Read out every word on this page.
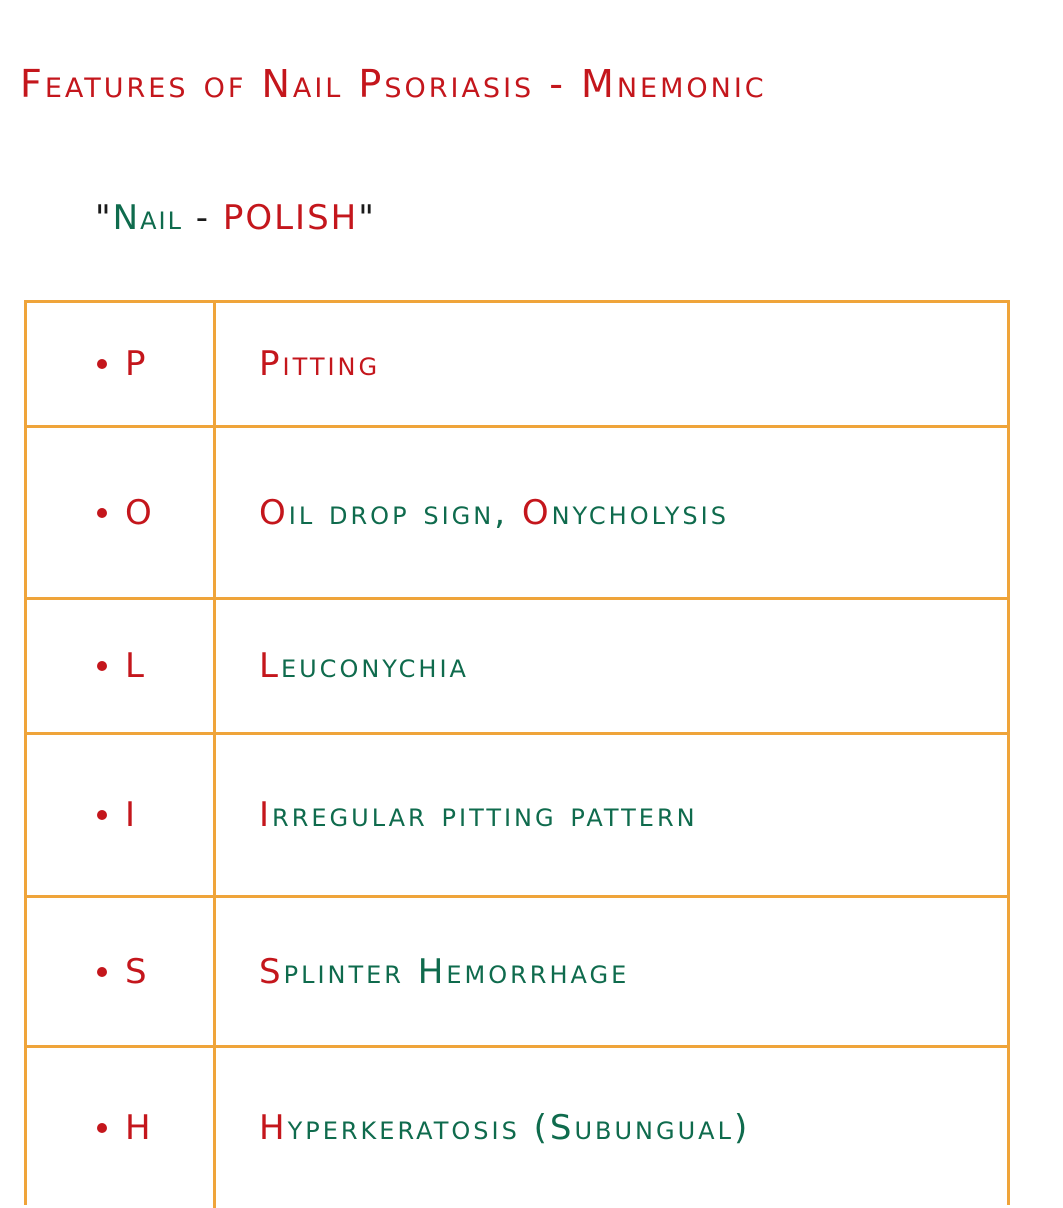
Features of Nail Psoriasis - Mnemonic
"Nail - POLISH"
P	Pitting
O	Oil drop sign, Onycholysis
L	Leuconychia
I	Irregular pitting pattern
S	Splinter Hemorrhage
H	Hyperkeratosis (Subungual)
